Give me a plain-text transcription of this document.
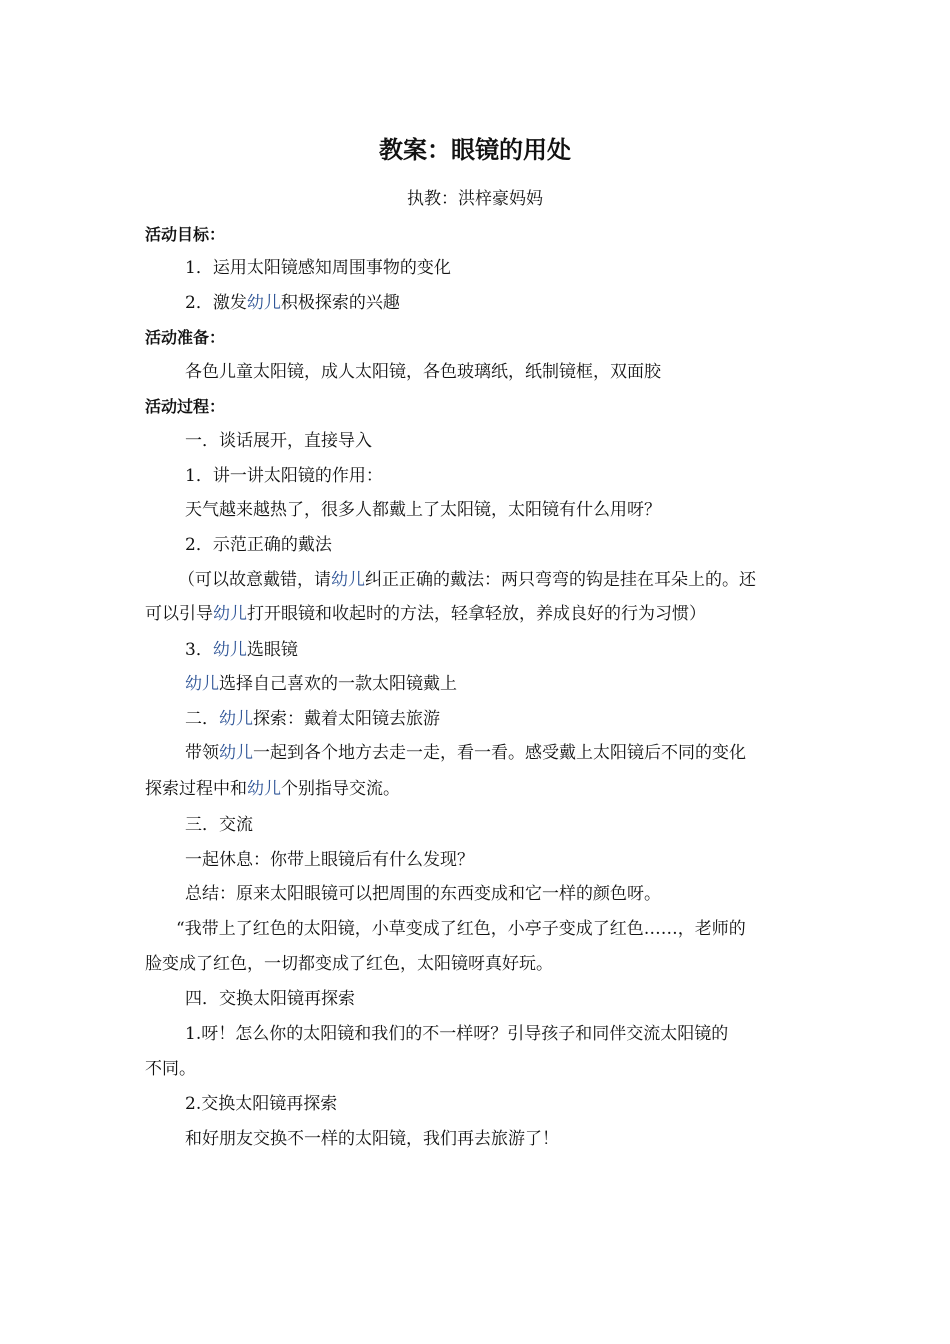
教案：眼镜的用处
执教：洪梓豪妈妈
活动目标：
1．运用太阳镜感知周围事物的变化
2．激发幼儿积极探索的兴趣
活动准备：
各色儿童太阳镜，成人太阳镜，各色玻璃纸，纸制镜框，双面胶
活动过程：
一．谈话展开，直接导入
1．讲一讲太阳镜的作用：
天气越来越热了，很多人都戴上了太阳镜，太阳镜有什么用呀？
2．示范正确的戴法
（可以故意戴错，请幼儿纠正正确的戴法：两只弯弯的钩是挂在耳朵上的。还
可以引导幼儿打开眼镜和收起时的方法，轻拿轻放，养成良好的行为习惯）
3．幼儿选眼镜
幼儿选择自己喜欢的一款太阳镜戴上
二．幼儿探索：戴着太阳镜去旅游
带领幼儿一起到各个地方去走一走，看一看。感受戴上太阳镜后不同的变化
探索过程中和幼儿个别指导交流。
三．交流
一起休息：你带上眼镜后有什么发现？
总结：原来太阳眼镜可以把周围的东西变成和它一样的颜色呀。
“我带上了红色的太阳镜，小草变成了红色，小亭子变成了红色……，老师的
脸变成了红色，一切都变成了红色，太阳镜呀真好玩。
四．交换太阳镜再探索
1.呀！怎么你的太阳镜和我们的不一样呀？引导孩子和同伴交流太阳镜的
不同。
2.交换太阳镜再探索
和好朋友交换不一样的太阳镜，我们再去旅游了！
